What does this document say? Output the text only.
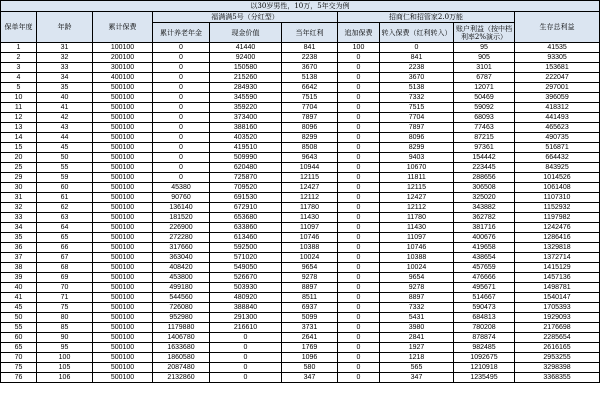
以30岁男性，10万，5年交为例									
保单年度	年龄	累计保费	福满满5号（分红型）			招商仁和招管家2.0万能			生存总利益
			累计养老年金	现金价值	当年红利	追加保费	转入保费（红利转入）	账户利益（按中档利率2%演示）	
1	31	100100	0	41440	841	100	0	95	41535
2	32	200100	0	92400	2238	0	841	905	93305
3	33	300100	0	150580	3670	0	2238	3101	153681
4	34	400100	0	215260	5138	0	3670	6787	222047
5	35	500100	0	284930	6642	0	5138	12071	297001
10	40	500100	0	345590	7515	0	7332	50469	396059
11	41	500100	0	359220	7704	0	7515	59092	418312
12	42	500100	0	373400	7897	0	7704	68093	441493
13	43	500100	0	388160	8096	0	7897	77463	465623
14	44	500100	0	403520	8299	0	8096	87215	490735
15	45	500100	0	419510	8508	0	8299	97361	516871
20	50	500100	0	509990	9643	0	9403	154442	664432
25	55	500100	0	620480	10944	0	10670	223445	843925
29	59	500100	0	725870	12115	0	11811	288656	1014526
30	60	500100	45380	709520	12427	0	12115	306508	1061408
31	61	500100	90760	691530	12112	0	12427	325020	1107310
32	62	500100	136140	672910	11780	0	12112	343882	1152932
33	63	500100	181520	653680	11430	0	11780	362782	1197982
34	64	500100	226900	633860	11097	0	11430	381716	1242476
35	65	500100	272280	613460	10746	0	11097	400676	1286416
36	66	500100	317660	592500	10388	0	10746	419658	1329818
37	67	500100	363040	571020	10024	0	10388	438654	1372714
38	68	500100	408420	549050	9654	0	10024	457659	1415129
39	69	500100	453800	526670	9278	0	9654	476666	1457136
40	70	500100	499180	503930	8897	0	9278	495671	1498781
41	71	500100	544560	480920	8511	0	8897	514667	1540147
45	75	500100	726080	388840	6937	0	7332	590473	1705393
50	80	500100	952980	291300	5099	0	5431	684813	1929093
55	85	500100	1179880	216610	3731	0	3980	780208	2176698
60	90	500100	1406780	0	2641	0	2841	878874	2285654
65	95	500100	1633680	0	1769	0	1927	982485	2616165
70	100	500100	1860580	0	1096	0	1218	1092675	2953255
75	105	500100	2087480	0	580	0	565	1210918	3298398
76	106	500100	2132860	0	347	0	347	1235495	3368355
